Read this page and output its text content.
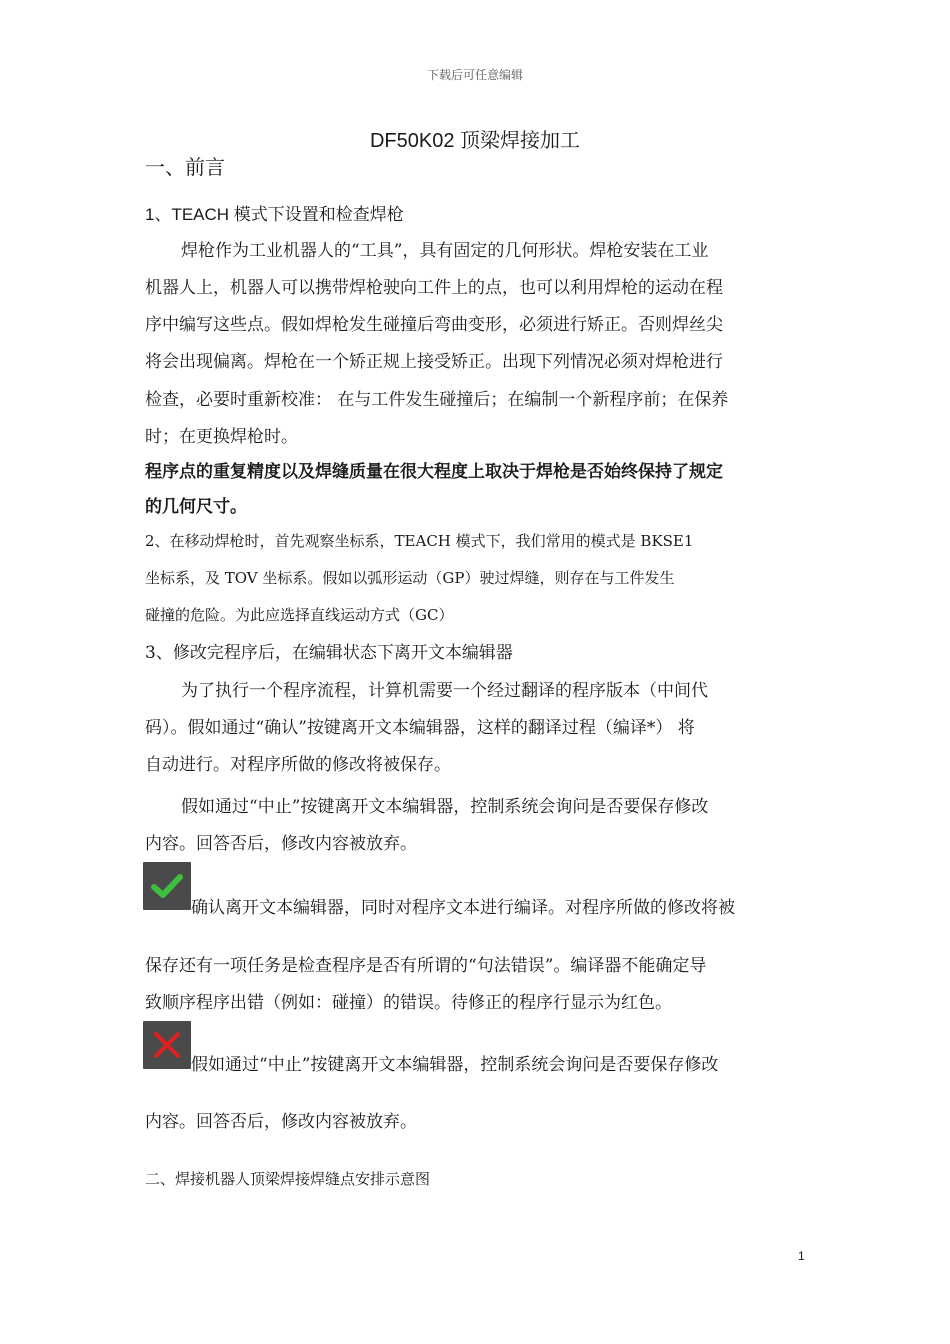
下载后可任意编辑
DF50K02 顶梁焊接加工
一、前言
1、TEACH 模式下设置和检查焊枪
焊枪作为工业机器人的“工具”，具有固定的几何形状。焊枪安装在工业
机器人上，机器人可以携带焊枪驶向工件上的点，也可以利用焊枪的运动在程
序中编写这些点。假如焊枪发生碰撞后弯曲变形，必须进行矫正。否则焊丝尖
将会出现偏离。焊枪在一个矫正规上接受矫正。出现下列情况必须对焊枪进行
检查，必要时重新校准： 在与工件发生碰撞后；在编制一个新程序前；在保养
时；在更换焊枪时。
程序点的重复精度以及焊缝质量在很大程度上取决于焊枪是否始终保持了规定
的几何尺寸。
2、在移动焊枪时，首先观察坐标系，TEACH 模式下，我们常用的模式是 BKSE1
坐标系，及 TOV 坐标系。假如以弧形运动（GP）驶过焊缝，则存在与工件发生
碰撞的危险。为此应选择直线运动方式（GC）
3、修改完程序后，在编辑状态下离开文本编辑器
为了执行一个程序流程，计算机需要一个经过翻译的程序版本（中间代
码）。假如通过“确认”按键离开文本编辑器，这样的翻译过程（编译*） 将
自动进行。对程序所做的修改将被保存。
假如通过“中止”按键离开文本编辑器，控制系统会询问是否要保存修改
内容。回答否后，修改内容被放弃。
确认离开文本编辑器，同时对程序文本进行编译。对程序所做的修改将被
保存还有一项任务是检查程序是否有所谓的“句法错误”。编译器不能确定导
致顺序程序出错（例如：碰撞）的错误。待修正的程序行显示为红色。
假如通过“中止”按键离开文本编辑器，控制系统会询问是否要保存修改
内容。回答否后，修改内容被放弃。
二、焊接机器人顶梁焊接焊缝点安排示意图
1
